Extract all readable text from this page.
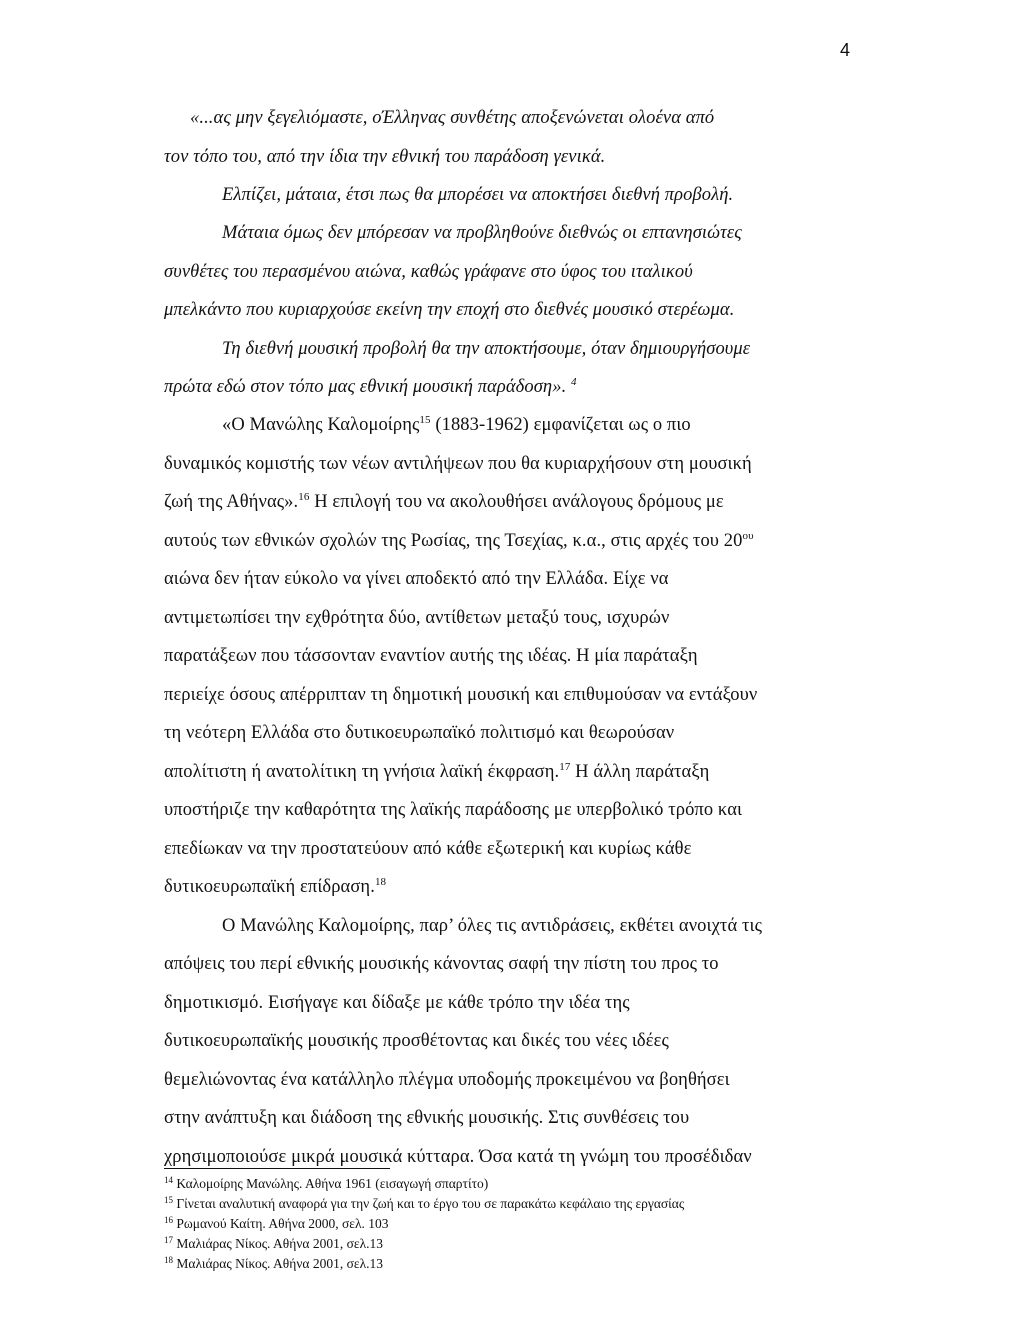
4
«...ας μην ξεγελιόμαστε, οΈλληνας συνθέτης αποξενώνεται ολοένα από
τον τόπο του, από την ίδια την εθνική του παράδοση γενικά.
Ελπίζει, μάταια, έτσι πως θα μπορέσει να αποκτήσει διεθνή προβολή.
Μάταια όμως δεν μπόρεσαν να προβληθούνε διεθνώς οι επτανησιώτες
συνθέτες του περασμένου αιώνα, καθώς γράφανε στο ύφος του ιταλικού
μπελκάντο που κυριαρχούσε εκείνη την εποχή στο διεθνές μουσικό στερέωμα.
Τη διεθνή μουσική προβολή θα την αποκτήσουμε, όταν δημιουργήσουμε
πρώτα εδώ στον τόπο μας εθνική μουσική παράδοση». $^4$
«Ο Μανώλης Καλομοίρης$^{15}$ (1883-1962) εμφανίζεται ως ο πιο
δυναμικός κομιστής των νέων αντιλήψεων που θα κυριαρχήσουν στη μουσική
ζωή της Αθήνας».$^{16}$ Η επιλογή του να ακολουθήσει ανάλογους δρόμους με
αυτούς των εθνικών σχολών της Ρωσίας, της Τσεχίας, κ.α., στις αρχές του $20^{o\upsilon}$
αιώνα δεν ήταν εύκολο να γίνει αποδεκτό από την Ελλάδα. Είχε να
αντιμετωπίσει την εχθρότητα δύο, αντίθετων μεταξύ τους, ισχυρών
παρατάξεων που τάσσονταν εναντίον αυτής της ιδέας. Η μία παράταξη
περιείχε όσους απέρριπταν τη δημοτική μουσική και επιθυμούσαν να εντάξουν
τη νεότερη Ελλάδα στο δυτικοευρωπαϊκό πολιτισμό και θεωρούσαν
απολίτιστη ή ανατολίτικη τη γνήσια λαϊκή έκφραση.$^{17}$ Η άλλη παράταξη
υποστήριζε την καθαρότητα της λαϊκής παράδοσης με υπερβολικό τρόπο και
επεδίωκαν να την προστατεύουν από κάθε εξωτερική και κυρίως κάθε
δυτικοευρωπαϊκή επίδραση.$^{18}$
Ο Μανώλης Καλομοίρης, παρ’ όλες τις αντιδράσεις, εκθέτει ανοιχτά τις
απόψεις του περί εθνικής μουσικής κάνοντας σαφή την πίστη του προς το
δημοτικισμό. Εισήγαγε και δίδαξε με κάθε τρόπο την ιδέα της
δυτικοευρωπαϊκής μουσικής προσθέτοντας και δικές του νέες ιδέες
θεμελιώνοντας ένα κατάλληλο πλέγμα υποδομής προκειμένου να βοηθήσει
στην ανάπτυξη και διάδοση της εθνικής μουσικής. Στις συνθέσεις του
χρησιμοποιούσε μικρά μουσικά κύτταρα. Όσα κατά τη γνώμη του προσέδιδαν
$^{14}$ Καλομοίρης Μανώλης. Αθήνα 1961 (εισαγωγή σπαρτίτο)
$^{15}$ Γίνεται αναλυτική αναφορά για την ζωή και το έργο του σε παρακάτω κεφάλαιο της εργασίας
$^{16}$ Ρωμανού Καίτη. Αθήνα 2000, σελ. 103
$^{17}$ Μαλιάρας Νίκος. Αθήνα 2001, σελ.13
$^{18}$ Μαλιάρας Νίκος. Αθήνα 2001, σελ.13
